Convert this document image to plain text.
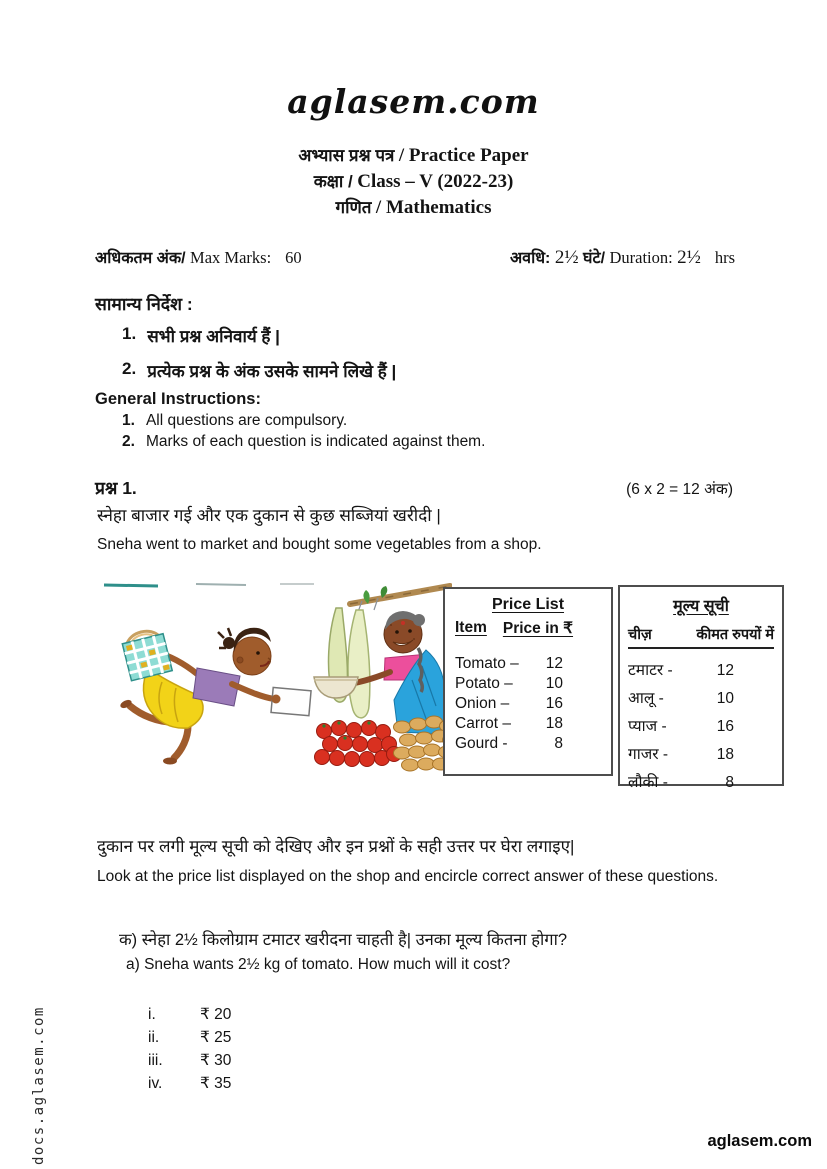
aglasem.com
अभ्यास प्रश्न पत्र / Practice Paper
कक्षा / Class – V (2022-23)
गणित / Mathematics
अधिकतम अंक/ Max Marks: 60	अवधि: 2½ घंटे/ Duration: 2½ hrs
सामान्य निर्देश :
1. सभी प्रश्न अनिवार्य हैं |
2. प्रत्येक प्रश्न के अंक उसके सामने लिखे हैं |
General Instructions:
1. All questions are compulsory.
2. Marks of each question is indicated against them.
प्रश्न 1.	(6 x 2 = 12 अंक)
स्नेहा बाजार गई और एक दुकान से कुछ सब्जियां खरीदी |
Sneha went to market and bought some vegetables from a shop.
Price List
Item Price in ₹
Tomato –	12
Potato –	10
Onion –	16
Carrot –	18
Gourd -	8
मूल्य सूची
चीज़	कीमत रुपयों में
टमाटर -	12
आलू -	10
प्याज -	16
गाजर -	18
लौकी -	8
दुकान पर लगी मूल्य सूची को देखिए और इन प्रश्नों के सही उत्तर पर घेरा लगाइए|
Look at the price list displayed on the shop and encircle correct answer of these questions.
क) स्नेहा 2½ किलोग्राम टमाटर खरीदना चाहती है| उनका मूल्य कितना होगा?
a) Sneha wants 2½ kg of tomato. How much will it cost?
i.	₹ 20
ii.	₹ 25
iii.	₹ 30
iv.	₹ 35
docs.aglasem.com	aglasem.com
